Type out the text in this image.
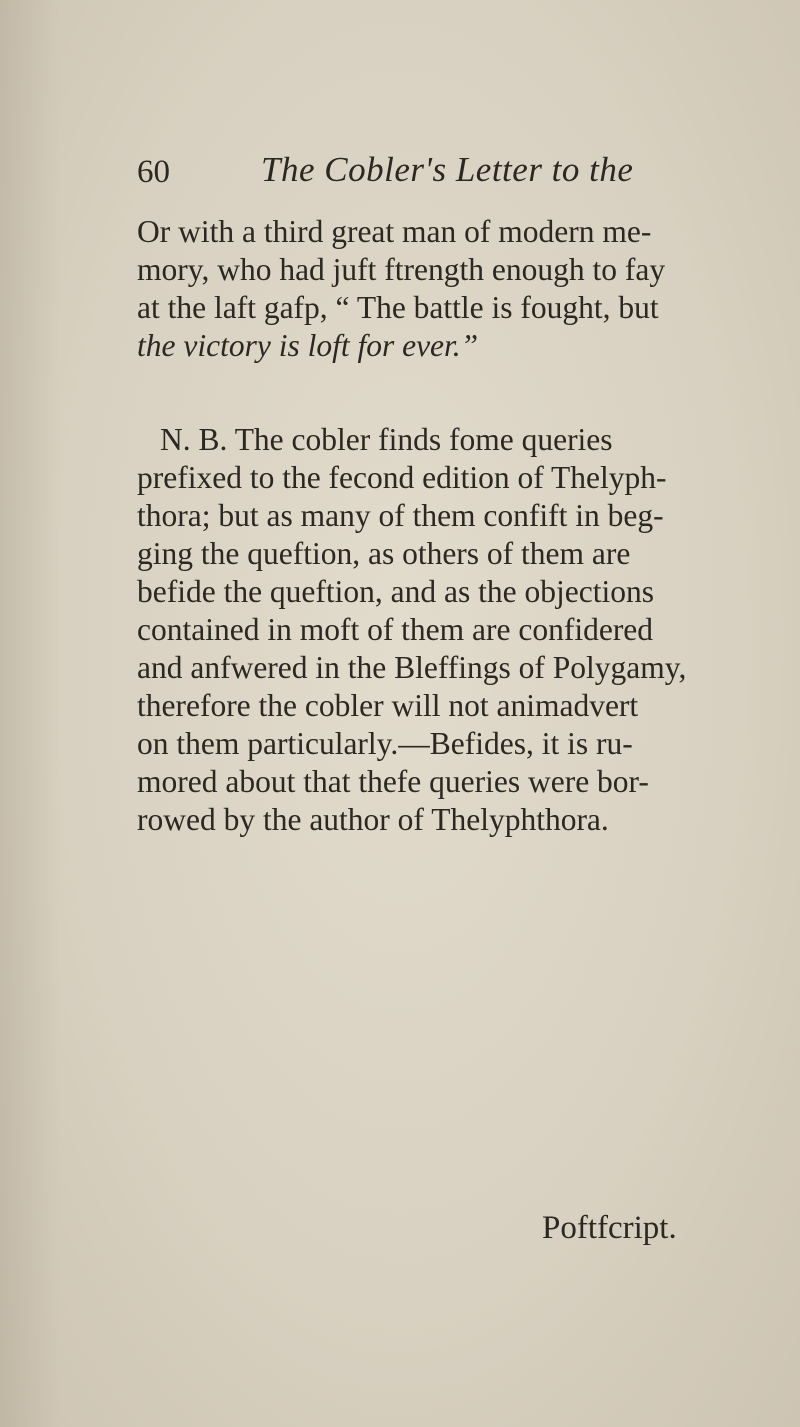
60	The Cobler's Letter to the
Or with a third great man of modern me-
mory, who had juft ftrength enough to fay
at the laft gafp, “ The battle is fought, but
the victory is loft for ever.”
N. B. The cobler finds fome queries
prefixed to the fecond edition of Thelyph-
thora; but as many of them confift in beg-
ging the queftion, as others of them are
befide the queftion, and as the objections
contained in moft of them are confidered
and anfwered in the Bleffings of Polygamy,
therefore the cobler will not animadvert
on them particularly.—Befides, it is ru-
mored about that thefe queries were bor-
rowed by the author of Thelyphthora.
Poftfcript.
